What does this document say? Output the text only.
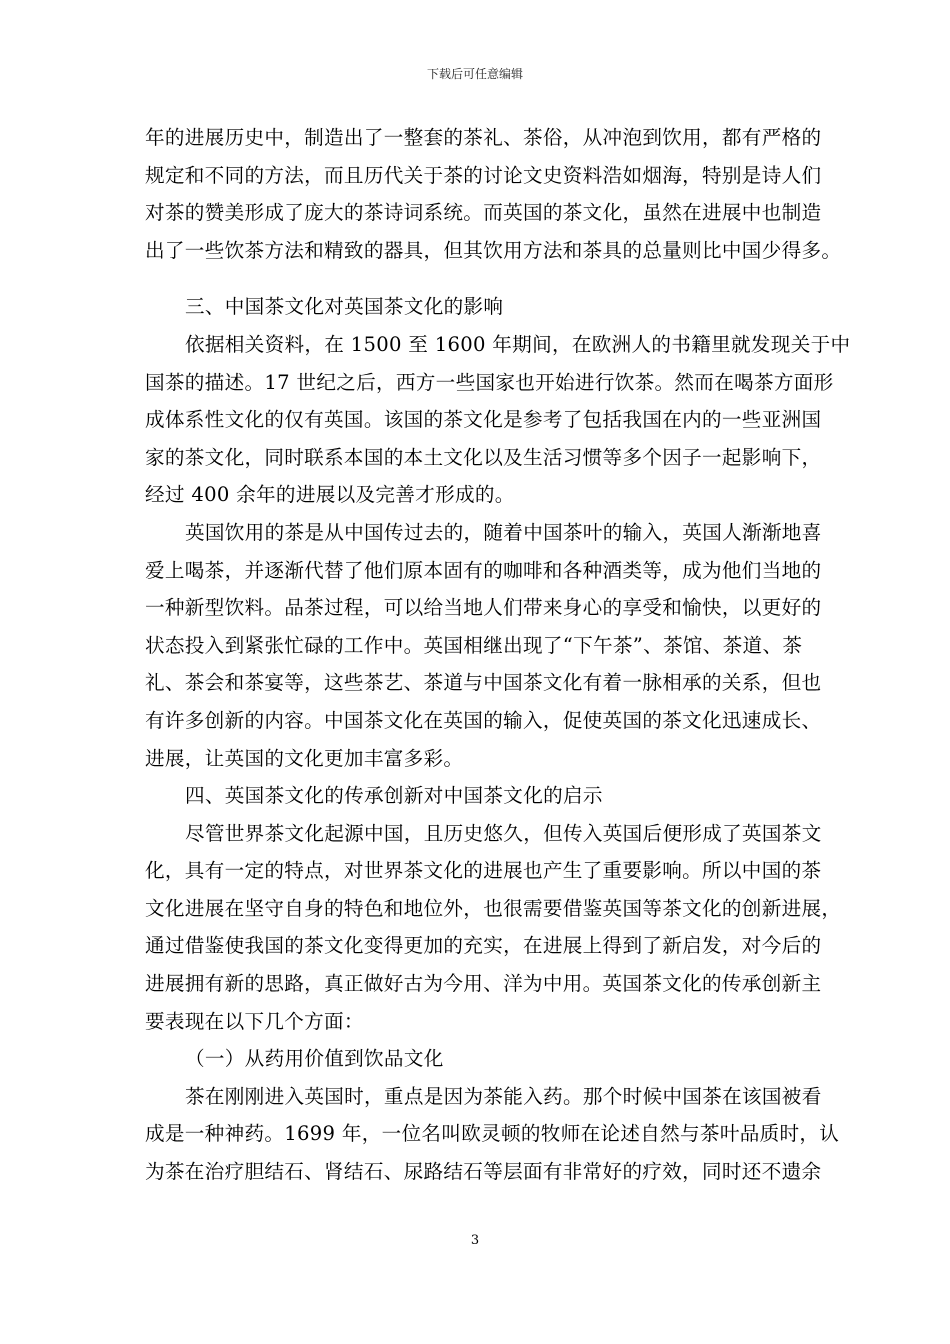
下载后可任意编辑
年的进展历史中，制造出了一整套的茶礼、茶俗，从冲泡到饮用，都有严格的
规定和不同的方法，而且历代关于茶的讨论文史资料浩如烟海，特别是诗人们
对茶的赞美形成了庞大的茶诗词系统。而英国的茶文化，虽然在进展中也制造
出了一些饮茶方法和精致的器具，但其饮用方法和茶具的总量则比中国少得多。
三、中国茶文化对英国茶文化的影响
依据相关资料，在 1500 至 1600 年期间，在欧洲人的书籍里就发现关于中
国茶的描述。17 世纪之后，西方一些国家也开始进行饮茶。然而在喝茶方面形
成体系性文化的仅有英国。该国的茶文化是参考了包括我国在内的一些亚洲国
家的茶文化，同时联系本国的本土文化以及生活习惯等多个因子一起影响下，
经过 400 余年的进展以及完善才形成的。
英国饮用的茶是从中国传过去的，随着中国茶叶的输入，英国人渐渐地喜
爱上喝茶，并逐渐代替了他们原本固有的咖啡和各种酒类等，成为他们当地的
一种新型饮料。品茶过程，可以给当地人们带来身心的享受和愉快，以更好的
状态投入到紧张忙碌的工作中。英国相继出现了“下午茶”、茶馆、茶道、茶
礼、茶会和茶宴等，这些茶艺、茶道与中国茶文化有着一脉相承的关系，但也
有许多创新的内容。中国茶文化在英国的输入，促使英国的茶文化迅速成长、
进展，让英国的文化更加丰富多彩。
四、英国茶文化的传承创新对中国茶文化的启示
尽管世界茶文化起源中国，且历史悠久，但传入英国后便形成了英国茶文
化，具有一定的特点，对世界茶文化的进展也产生了重要影响。所以中国的茶
文化进展在坚守自身的特色和地位外，也很需要借鉴英国等茶文化的创新进展，
通过借鉴使我国的茶文化变得更加的充实，在进展上得到了新启发，对今后的
进展拥有新的思路，真正做好古为今用、洋为中用。英国茶文化的传承创新主
要表现在以下几个方面：
（一）从药用价值到饮品文化
茶在刚刚进入英国时，重点是因为茶能入药。那个时候中国茶在该国被看
成是一种神药。1699 年，一位名叫欧灵顿的牧师在论述自然与茶叶品质时，认
为茶在治疗胆结石、肾结石、尿路结石等层面有非常好的疗效，同时还不遗余
3
